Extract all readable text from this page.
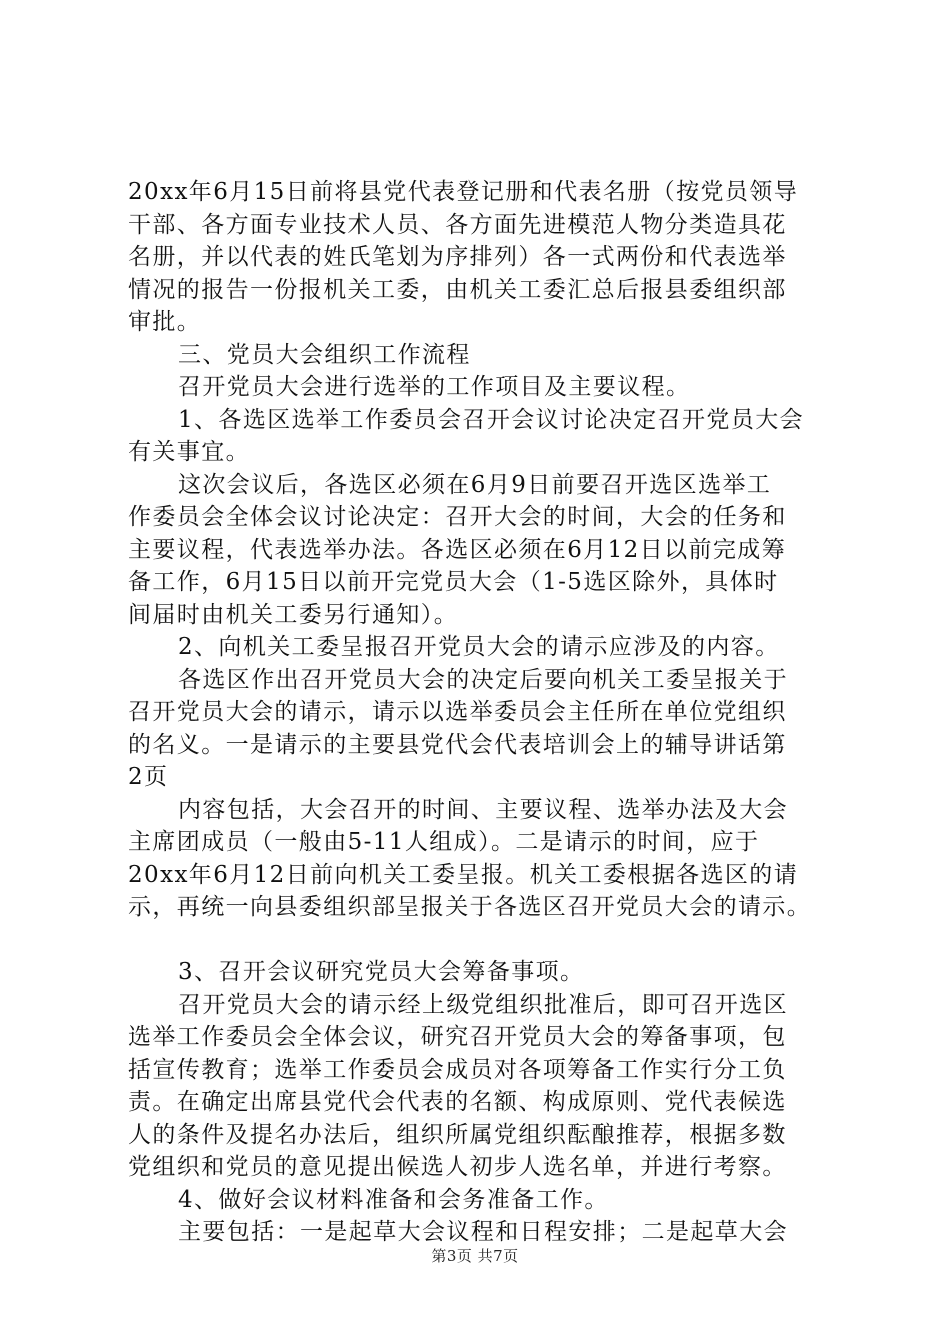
20xx年6月15日前将县党代表登记册和代表名册（按党员领导
干部、各方面专业技术人员、各方面先进模范人物分类造具花
名册，并以代表的姓氏笔划为序排列）各一式两份和代表选举
情况的报告一份报机关工委，由机关工委汇总后报县委组织部
审批。
三、党员大会组织工作流程
召开党员大会进行选举的工作项目及主要议程。
1、各选区选举工作委员会召开会议讨论决定召开党员大会
有关事宜。
这次会议后，各选区必须在6月9日前要召开选区选举工
作委员会全体会议讨论决定：召开大会的时间，大会的任务和
主要议程，代表选举办法。各选区必须在6月12日以前完成筹
备工作，6月15日以前开完党员大会（1-5选区除外，具体时
间届时由机关工委另行通知）。
2、向机关工委呈报召开党员大会的请示应涉及的内容。
各选区作出召开党员大会的决定后要向机关工委呈报关于
召开党员大会的请示，请示以选举委员会主任所在单位党组织
的名义。一是请示的主要县党代会代表培训会上的辅导讲话第
2页
内容包括，大会召开的时间、主要议程、选举办法及大会
主席团成员（一般由5-11人组成）。二是请示的时间，应于
20xx年6月12日前向机关工委呈报。机关工委根据各选区的请
示，再统一向县委组织部呈报关于各选区召开党员大会的请示。
3、召开会议研究党员大会筹备事项。
召开党员大会的请示经上级党组织批准后，即可召开选区
选举工作委员会全体会议，研究召开党员大会的筹备事项，包
括宣传教育；选举工作委员会成员对各项筹备工作实行分工负
责。在确定出席县党代会代表的名额、构成原则、党代表候选
人的条件及提名办法后，组织所属党组织酝酿推荐，根据多数
党组织和党员的意见提出候选人初步人选名单，并进行考察。
4、做好会议材料准备和会务准备工作。
主要包括：一是起草大会议程和日程安排；二是起草大会
第3页 共7页
